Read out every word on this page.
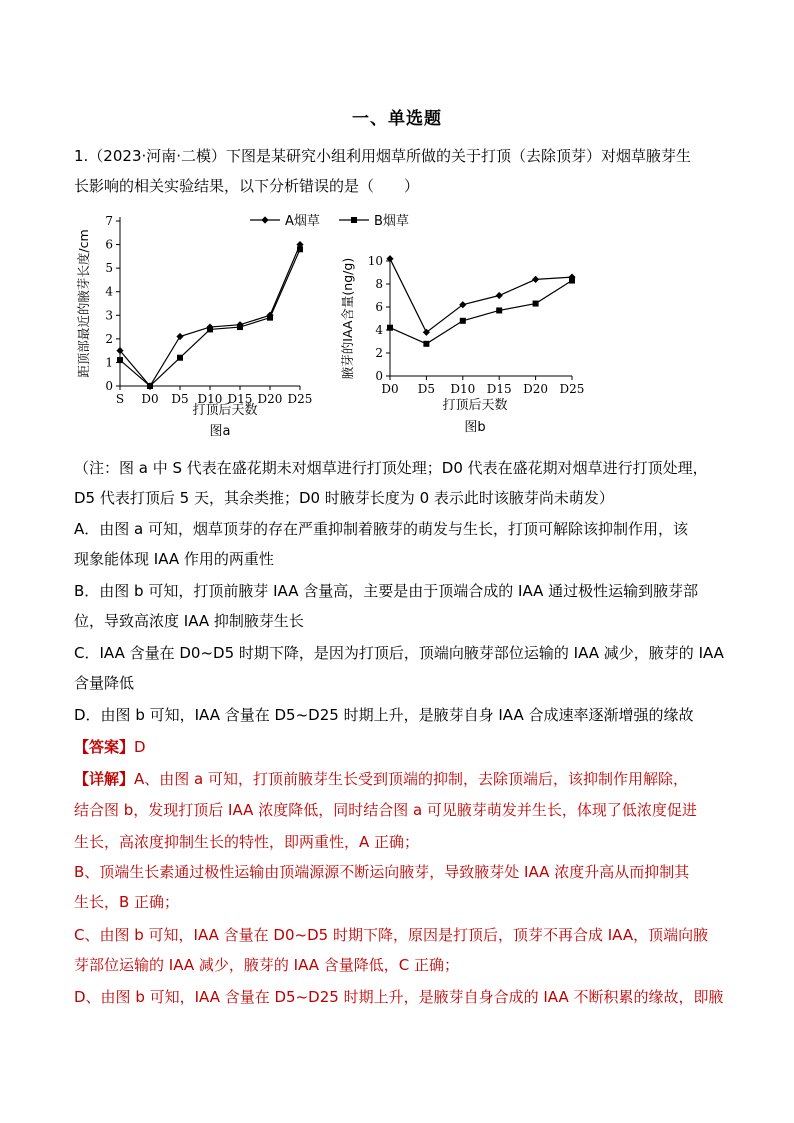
一、单选题
1.（2023·河南·二模）下图是某研究小组利用烟草所做的关于打顶（去除顶芽）对烟草腋芽生
长影响的相关实验结果，以下分析错误的是（　　）
0
1
2
3
4
5
6
7
S D0 D5 D10 D15 D20 D25
距顶部最近的腋芽长度/cm
打顶后天数
图a
A烟草	B烟草
0
2
4
6
8
10
D0 D5 D10 D15 D20 D25
腋芽的IAA含量(ng/g)
打顶后天数
图b
（注：图 a 中 S 代表在盛花期未对烟草进行打顶处理；D0 代表在盛花期对烟草进行打顶处理，
D5 代表打顶后 5 天，其余类推；D0 时腋芽长度为 0 表示此时该腋芽尚未萌发）
A．由图 a 可知，烟草顶芽的存在严重抑制着腋芽的萌发与生长，打顶可解除该抑制作用，该
现象能体现 IAA 作用的两重性
B．由图 b 可知，打顶前腋芽 IAA 含量高，主要是由于顶端合成的 IAA 通过极性运输到腋芽部
位，导致高浓度 IAA 抑制腋芽生长
C．IAA 含量在 D0~D5 时期下降，是因为打顶后，顶端向腋芽部位运输的 IAA 减少，腋芽的 IAA
含量降低
D．由图 b 可知，IAA 含量在 D5~D25 时期上升，是腋芽自身 IAA 合成速率逐渐增强的缘故
【答案】D
【详解】A、由图 a 可知，打顶前腋芽生长受到顶端的抑制，去除顶端后，该抑制作用解除，
结合图 b，发现打顶后 IAA 浓度降低，同时结合图 a 可见腋芽萌发并生长，体现了低浓度促进
生长，高浓度抑制生长的特性，即两重性，A 正确；
B、顶端生长素通过极性运输由顶端源源不断运向腋芽，导致腋芽处 IAA 浓度升高从而抑制其
生长，B 正确；
C、由图 b 可知，IAA 含量在 D0~D5 时期下降，原因是打顶后，顶芽不再合成 IAA，顶端向腋
芽部位运输的 IAA 减少，腋芽的 IAA 含量降低，C 正确；
D、由图 b 可知，IAA 含量在 D5~D25 时期上升，是腋芽自身合成的 IAA 不断积累的缘故，即腋
